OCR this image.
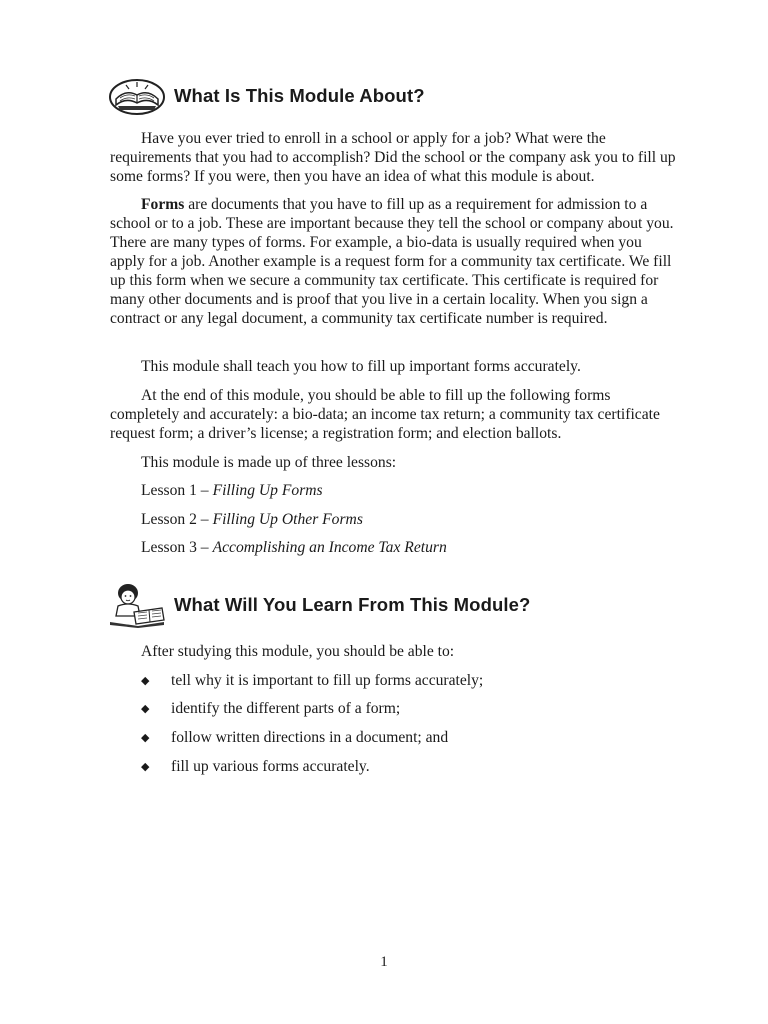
What Is This Module About?

Have you ever tried to enroll in a school or apply for a job? What were the requirements that you had to accomplish? Did the school or the company ask you to fill up some forms? If you were, then you have an idea of what this module is about.

Forms are documents that you have to fill up as a requirement for admission to a school or to a job. These are important because they tell the school or company about you. There are many types of forms. For example, a bio-data is usually required when you apply for a job. Another example is a request form for a community tax certificate. We fill up this form when we secure a community tax certificate. This certificate is required for many other documents and is proof that you live in a certain locality. When you sign a contract or any legal document, a community tax certificate number is required.

This module shall teach you how to fill up important forms accurately.

At the end of this module, you should be able to fill up the following forms completely and accurately: a bio-data; an income tax return; a community tax certificate request form; a driver’s license; a registration form; and election ballots.

This module is made up of three lessons:

Lesson 1 – Filling Up Forms
Lesson 2 – Filling Up Other Forms
Lesson 3 – Accomplishing an Income Tax Return
What Will You Learn From This Module?

After studying this module, you should be able to:

◆ tell why it is important to fill up forms accurately;
◆ identify the different parts of a form;
◆ follow written directions in a document; and
◆ fill up various forms accurately.
1
